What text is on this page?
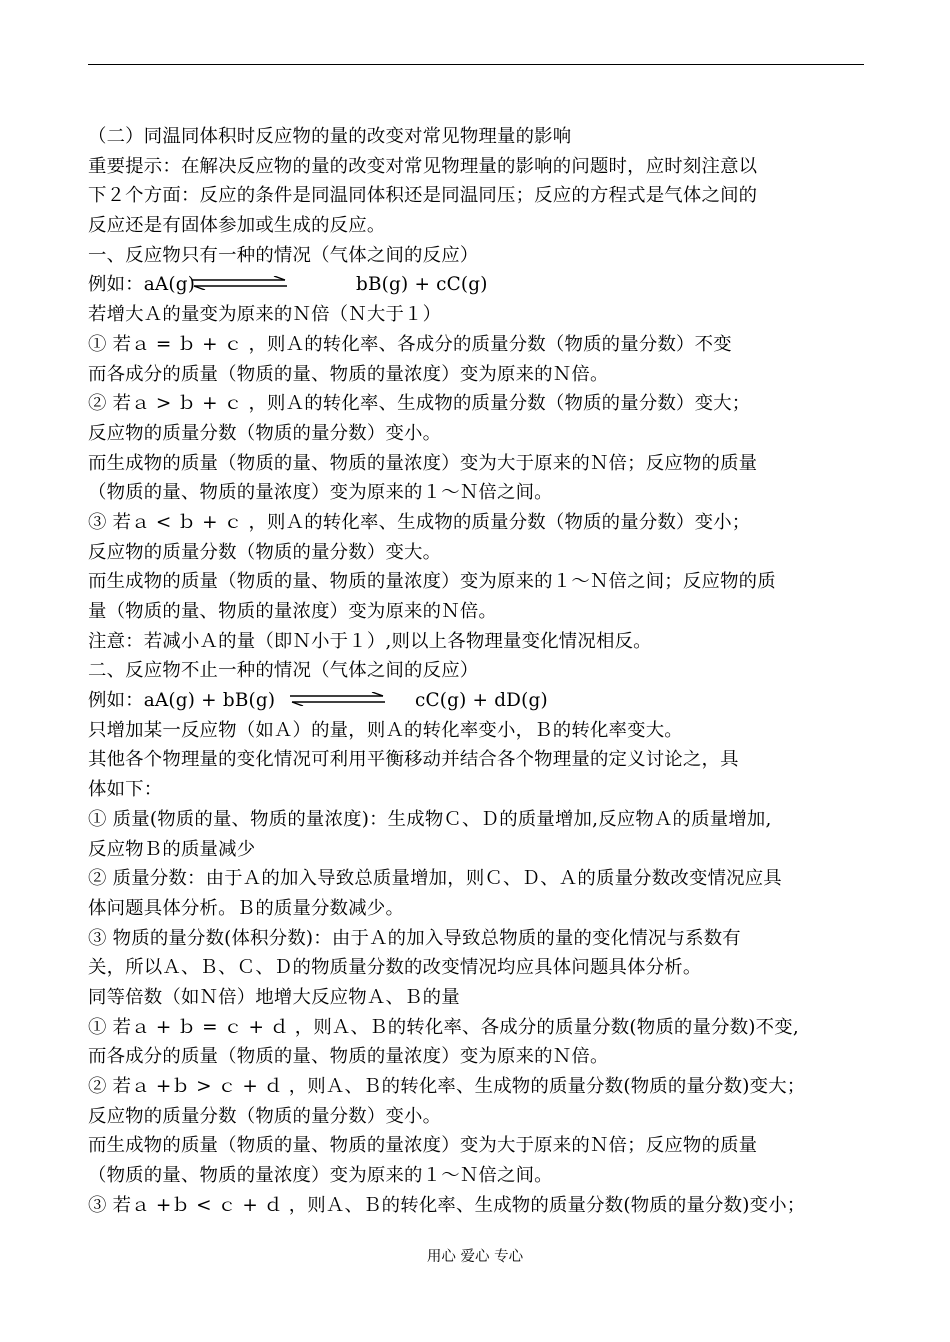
（二）同温同体积时反应物的量的改变对常见物理量的影响
重要提示：在解决反应物的量的改变对常见物理量的影响的问题时，应时刻注意以
下２个方面：反应的条件是同温同体积还是同温同压；反应的方程式是气体之间的
反应还是有固体参加或生成的反应。
一、反应物只有一种的情况（气体之间的反应）
例如：aA(g)	bB(g) + cC(g)
若增大Ａ的量变为原来的Ｎ倍（Ｎ大于１）
① 若ａ = ｂ + ｃ ，则Ａ的转化率、各成分的质量分数（物质的量分数）不变
而各成分的质量（物质的量、物质的量浓度）变为原来的Ｎ倍。
② 若ａ > ｂ + ｃ ，则Ａ的转化率、生成物的质量分数（物质的量分数）变大；
反应物的质量分数（物质的量分数）变小。
而生成物的质量（物质的量、物质的量浓度）变为大于原来的Ｎ倍；反应物的质量
（物质的量、物质的量浓度）变为原来的１～Ｎ倍之间。
③ 若ａ < ｂ + ｃ ，则Ａ的转化率、生成物的质量分数（物质的量分数）变小；
反应物的质量分数（物质的量分数）变大。
而生成物的质量（物质的量、物质的量浓度）变为原来的１～Ｎ倍之间；反应物的质
量（物质的量、物质的量浓度）变为原来的Ｎ倍。
注意：若减小Ａ的量（即Ｎ小于１）,则以上各物理量变化情况相反。
二、反应物不止一种的情况（气体之间的反应）
例如：aA(g) + bB(g)	cC(g) + dD(g)
只增加某一反应物（如Ａ）的量，则Ａ的转化率变小，Ｂ的转化率变大。
其他各个物理量的变化情况可利用平衡移动并结合各个物理量的定义讨论之，具
体如下：
① 质量(物质的量、物质的量浓度)：生成物Ｃ、Ｄ的质量增加,反应物Ａ的质量增加,
反应物Ｂ的质量减少
② 质量分数：由于Ａ的加入导致总质量增加，则Ｃ、Ｄ、Ａ的质量分数改变情况应具
体问题具体分析。Ｂ的质量分数减少。
③ 物质的量分数(体积分数)：由于Ａ的加入导致总物质的量的变化情况与系数有
关，所以Ａ、Ｂ、Ｃ、Ｄ的物质量分数的改变情况均应具体问题具体分析。
同等倍数（如Ｎ倍）地增大反应物Ａ、Ｂ的量
① 若ａ + ｂ = ｃ + ｄ ，则Ａ、Ｂ的转化率、各成分的质量分数(物质的量分数)不变,
而各成分的质量（物质的量、物质的量浓度）变为原来的Ｎ倍。
② 若ａ +ｂ > ｃ + ｄ ，则Ａ、Ｂ的转化率、生成物的质量分数(物质的量分数)变大；
反应物的质量分数（物质的量分数）变小。
而生成物的质量（物质的量、物质的量浓度）变为大于原来的Ｎ倍；反应物的质量
（物质的量、物质的量浓度）变为原来的１～Ｎ倍之间。
③ 若ａ +ｂ < ｃ + ｄ ，则Ａ、Ｂ的转化率、生成物的质量分数(物质的量分数)变小；
用心 爱心 专心
